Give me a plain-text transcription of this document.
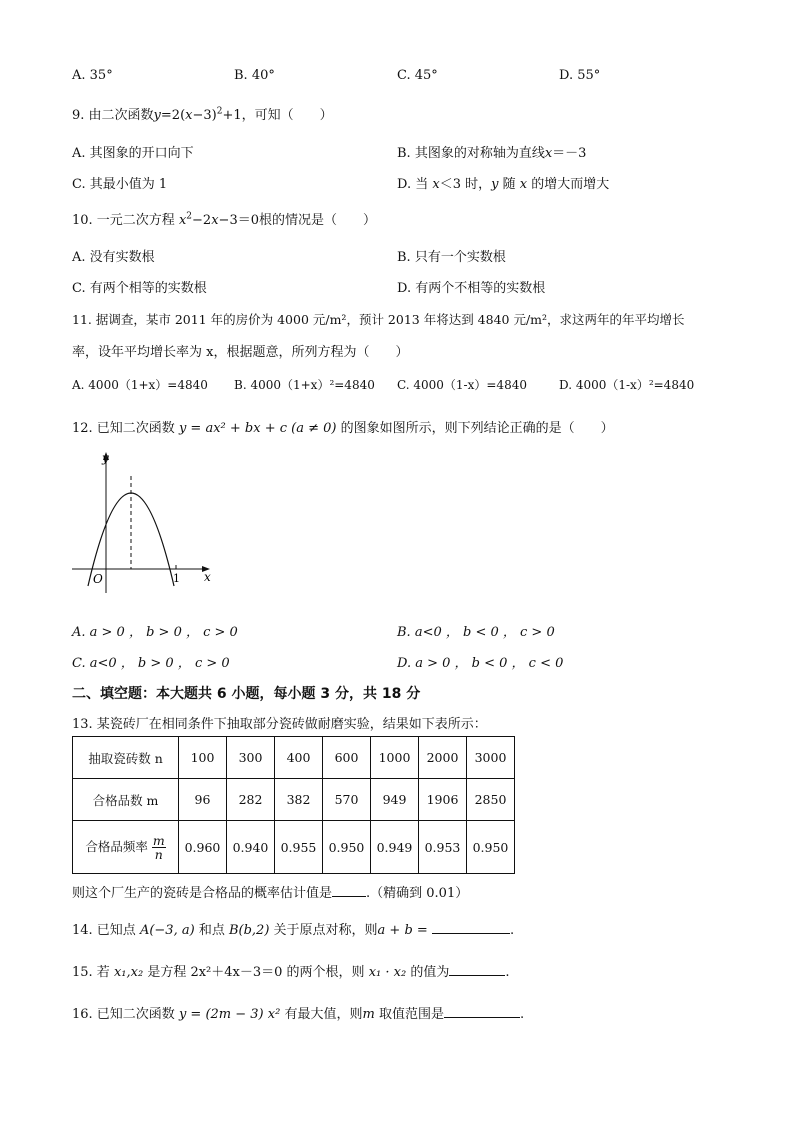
A. 35°	B. 40°	C. 45°	D. 55°
9. 由二次函数$y=2(x-3)^2+1$，可知（　　）
A. 其图象的开口向下	B. 其图象的对称轴为直线x＝－3
C. 其最小值为 1	D. 当 x＜3 时，y 随 x 的增大而增大
10. 一元二次方程 $x^2-2x-3=0$根的情况是（　　）
A. 没有实数根	B. 只有一个实数根
C. 有两个相等的实数根	D. 有两个不相等的实数根
11. 据调查，某市 2011 年的房价为 4000 元/m²，预计 2013 年将达到 4840 元/m²，求这两年的年平均增长
率，设年平均增长率为 x，根据题意，所列方程为（　　）
A. 4000（1+x）=4840 B. 4000（1+x）²=4840 C. 4000（1-x）=4840	D. 4000（1-x）²=4840
12. 已知二次函数 y = ax² + bx + c (a ≠ 0) 的图象如图所示，则下列结论正确的是（　　）
y
x
O	1
A. a > 0 ， b > 0 ， c > 0	B. a<0 ， b < 0 ， c > 0
C. a<0 ， b > 0 ， c > 0	D. a > 0 ， b < 0 ， c < 0
二、填空题：本大题共 6 小题，每小题 3 分，共 18 分
13. 某瓷砖厂在相同条件下抽取部分瓷砖做耐磨实验，结果如下表所示：
抽取瓷砖数 n	100	300	400	600	1000	2000	3000
合格品数 m	96	282	382	570	949	1906	2850
合格品频率 $\frac{m}{n}$	0.960	0.940	0.955	0.950	0.949	0.953	0.950
则这个厂生产的瓷砖是合格品的概率估计值是	.（精确到 0.01）
14. 已知点 A(−3, a) 和点 B(b,2) 关于原点对称，则a + b =	.
15. 若 x₁,x₂ 是方程 2x²＋4x－3＝0 的两个根，则 x₁ · x₂ 的值为	.
16. 已知二次函数 y = (2m − 3) x² 有最大值，则m 取值范围是	.
